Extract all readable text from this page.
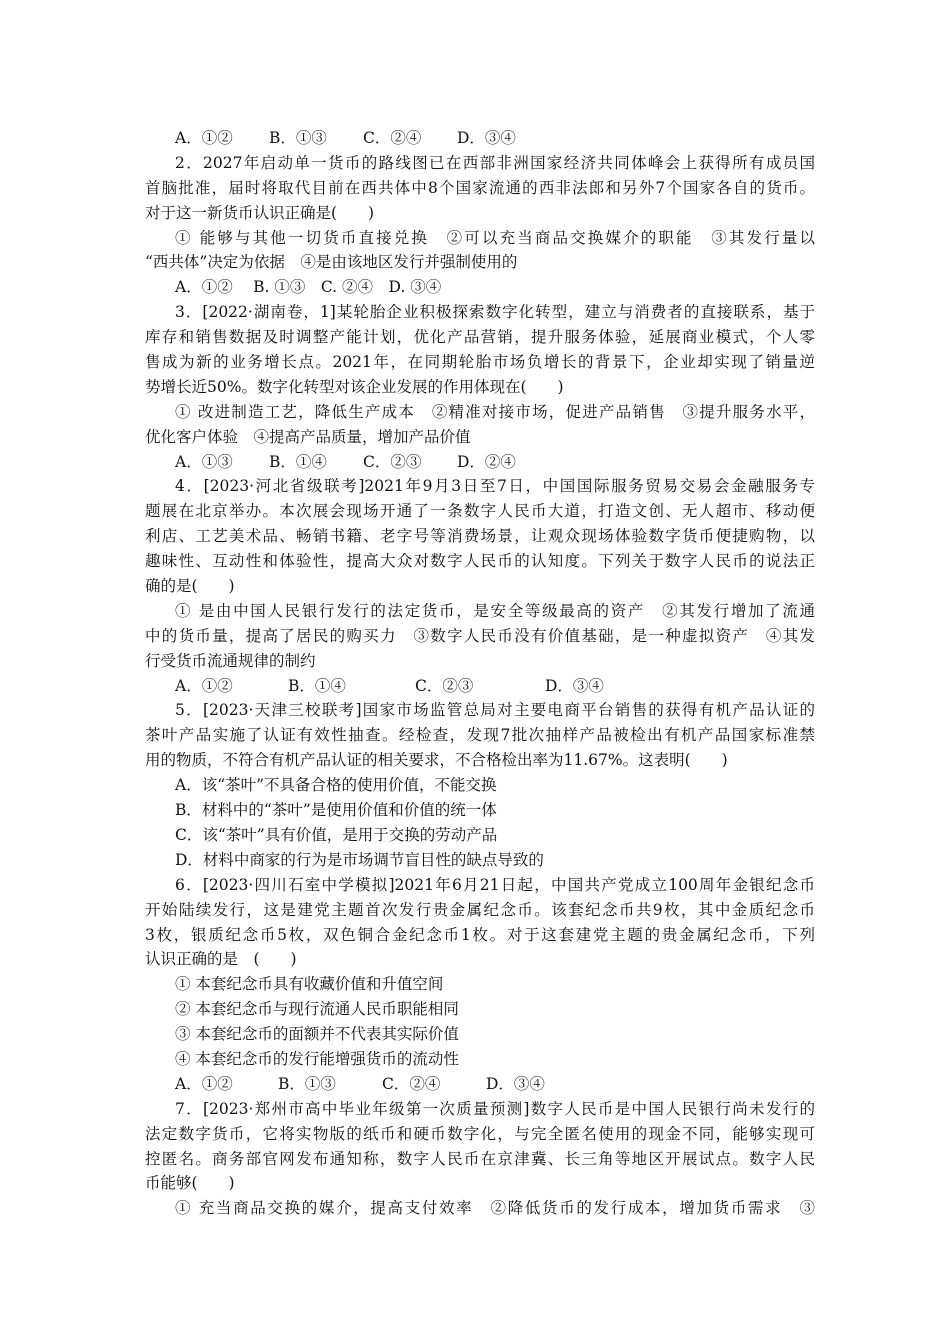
A．①②	B．①③	C．②④	D．③④
2．2027年启动单一货币的路线图已在西部非洲国家经济共同体峰会上获得所有成员国
首脑批准，届时将取代目前在西共体中8个国家流通的西非法郎和另外7个国家各自的货币。
对于这一新货币认识正确是(　　)
① 能够与其他一切货币直接兑换　②可以充当商品交换媒介的职能　③其发行量以
“西共体”决定为依据　④是由该地区发行并强制使用的
A．①②　 B. ①③　C. ②④　D. ③④
3．[2022·湖南卷，1]某轮胎企业积极探索数字化转型，建立与消费者的直接联系，基于
库存和销售数据及时调整产能计划，优化产品营销，提升服务体验，延展商业模式，个人零
售成为新的业务增长点。2021年，在同期轮胎市场负增长的背景下，企业却实现了销量逆
势增长近50%。数字化转型对该企业发展的作用体现在(　　)
① 改进制造工艺，降低生产成本　②精准对接市场，促进产品销售　③提升服务水平，
优化客户体验　④提高产品质量，增加产品价值
A．①③	B．①④	C．②③	D．②④
4．[2023·河北省级联考]2021年9月3日至7日，中国国际服务贸易交易会金融服务专
题展在北京举办。本次展会现场开通了一条数字人民币大道，打造文创、无人超市、移动便
利店、工艺美术品、畅销书籍、老字号等消费场景，让观众现场体验数字货币便捷购物，以
趣味性、互动性和体验性，提高大众对数字人民币的认知度。下列关于数字人民币的说法正
确的是(　　)
① 是由中国人民银行发行的法定货币，是安全等级最高的资产　②其发行增加了流通
中的货币量，提高了居民的购买力　③数字人民币没有价值基础，是一种虚拟资产　④其发
行受货币流通规律的制约
A．①②	B．①④	C．②③	D．③④
5．[2023·天津三校联考]国家市场监管总局对主要电商平台销售的获得有机产品认证的
茶叶产品实施了认证有效性抽查。经检查，发现7批次抽样产品被检出有机产品国家标准禁
用的物质，不符合有机产品认证的相关要求，不合格检出率为11.67%。这表明(　　)
A．该“茶叶”不具备合格的使用价值，不能交换
B．材料中的“茶叶”是使用价值和价值的统一体
C．该“茶叶”具有价值，是用于交换的劳动产品
D．材料中商家的行为是市场调节盲目性的缺点导致的
6．[2023·四川石室中学模拟]2021年6月21日起，中国共产党成立100周年金银纪念币
开始陆续发行，这是建党主题首次发行贵金属纪念币。该套纪念币共9枚，其中金质纪念币
3枚，银质纪念币5枚，双色铜合金纪念币1枚。对于这套建党主题的贵金属纪念币，下列
认识正确的是　(　　)
① 本套纪念币具有收藏价值和升值空间
② 本套纪念币与现行流通人民币职能相同
③ 本套纪念币的面额并不代表其实际价值
④ 本套纪念币的发行能增强货币的流动性
A．①②	B．①③	C．②④	D．③④
7．[2023·郑州市高中毕业年级第一次质量预测]数字人民币是中国人民银行尚未发行的
法定数字货币，它将实物版的纸币和硬币数字化，与完全匿名使用的现金不同，能够实现可
控匿名。商务部官网发布通知称，数字人民币在京津冀、长三角等地区开展试点。数字人民
币能够(　　)
① 充当商品交换的媒介，提高支付效率　②降低货币的发行成本，增加货币需求　③
